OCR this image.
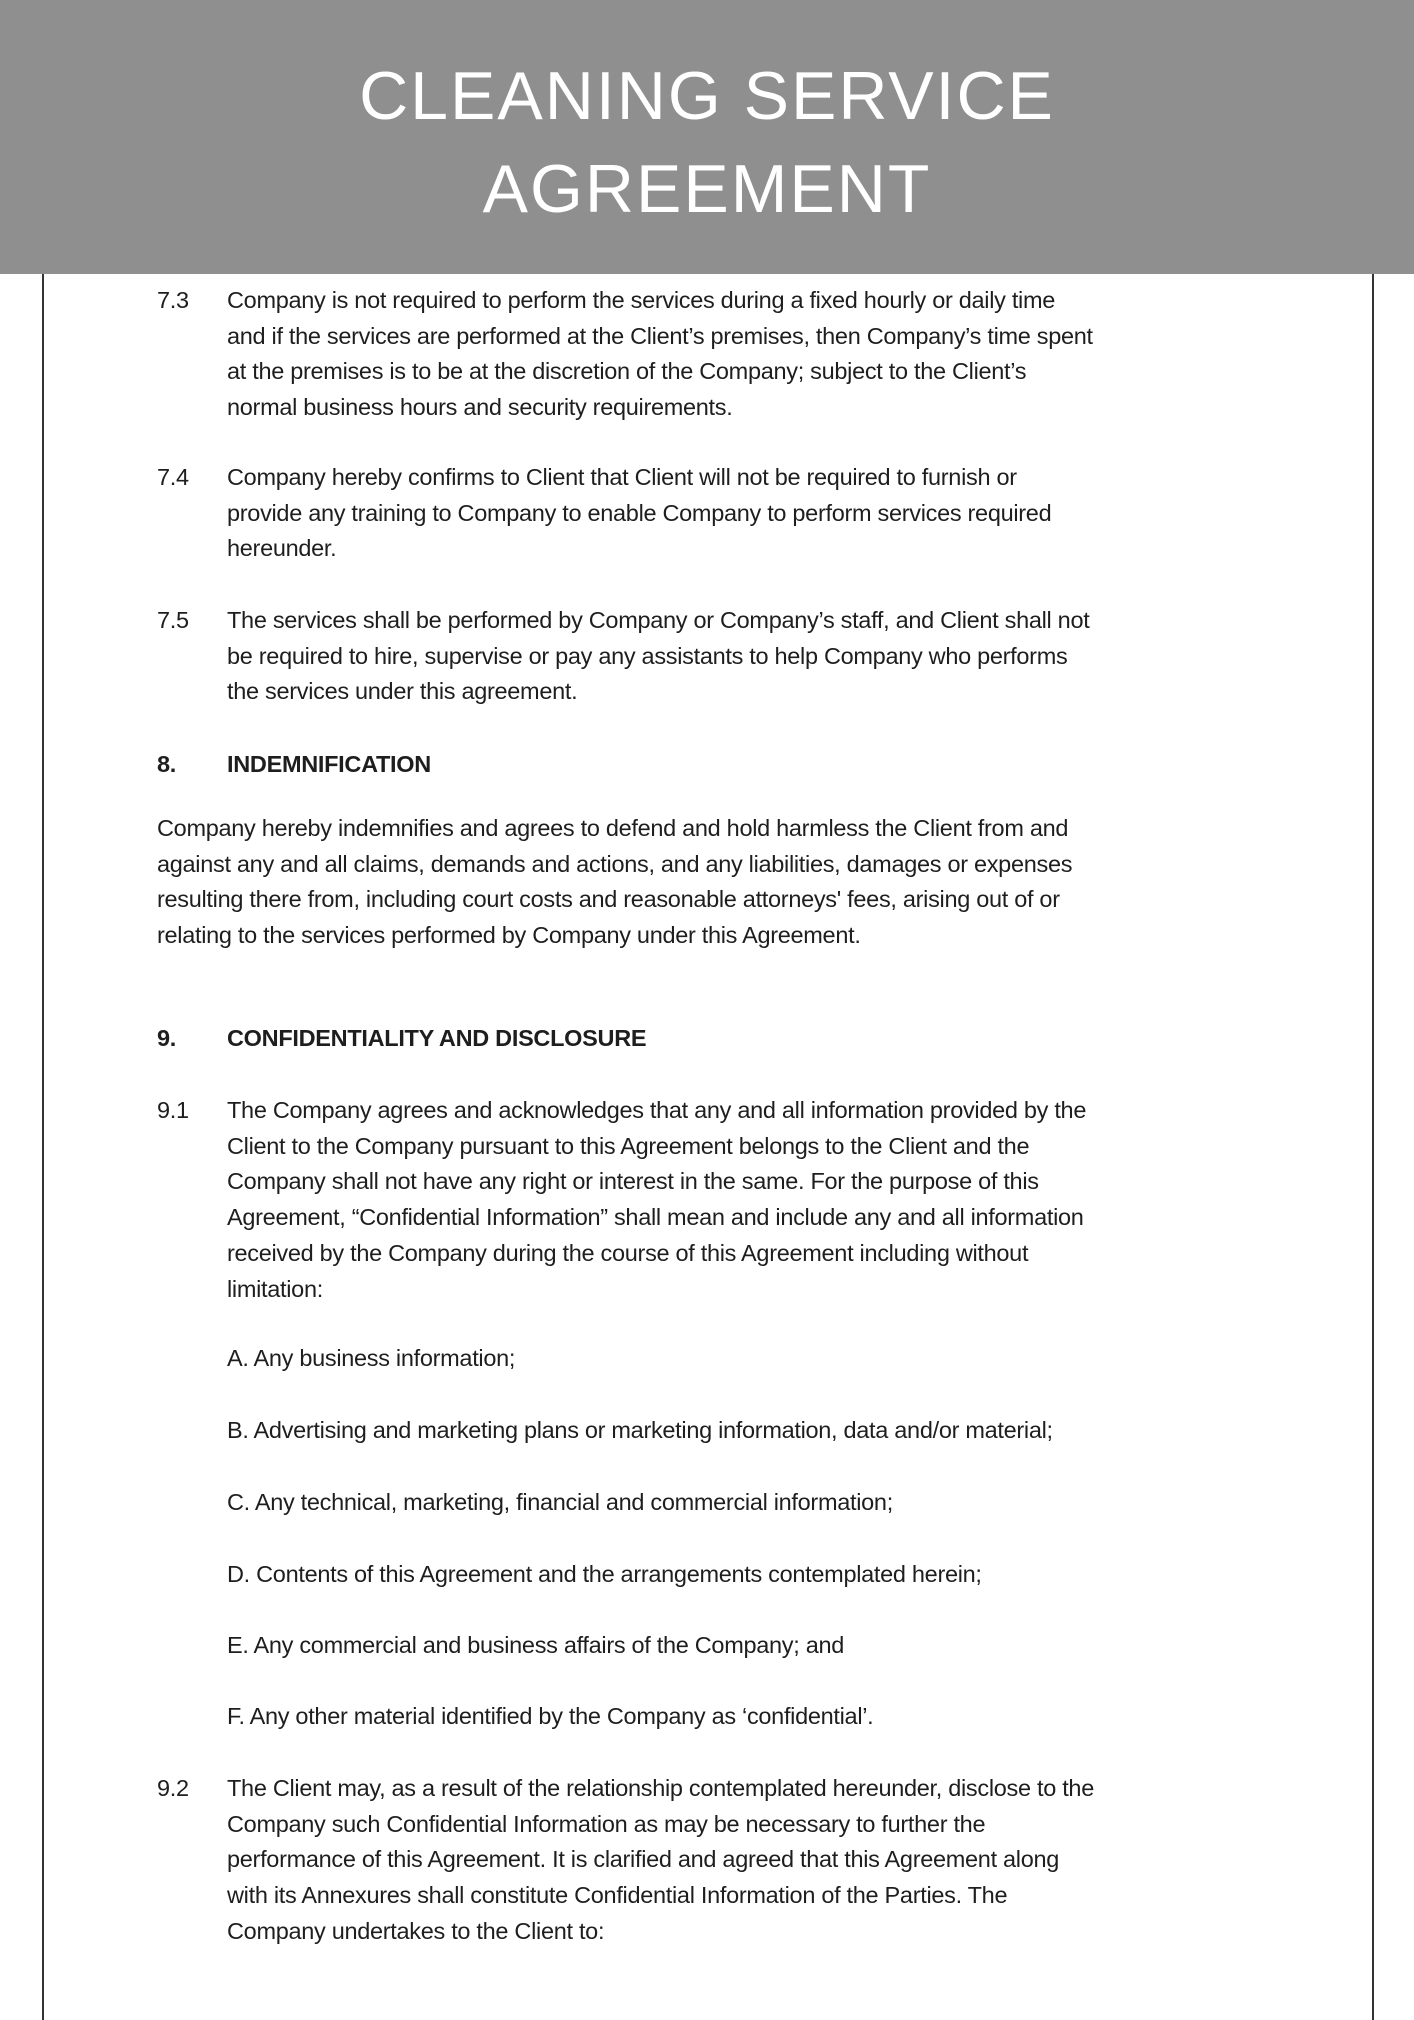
CLEANING SERVICE
AGREEMENT
7.3 Company is not required to perform the services during a fixed hourly or daily time
and if the services are performed at the Client’s premises, then Company’s time spent
at the premises is to be at the discretion of the Company; subject to the Client’s
normal business hours and security requirements.
7.4 Company hereby confirms to Client that Client will not be required to furnish or
provide any training to Company to enable Company to perform services required
hereunder.
7.5 The services shall be performed by Company or Company’s staff, and Client shall not
be required to hire, supervise or pay any assistants to help Company who performs
the services under this agreement.
8. INDEMNIFICATION
Company hereby indemnifies and agrees to defend and hold harmless the Client from and
against any and all claims, demands and actions, and any liabilities, damages or expenses
resulting there from, including court costs and reasonable attorneys' fees, arising out of or
relating to the services performed by Company under this Agreement.
9. CONFIDENTIALITY AND DISCLOSURE
9.1 The Company agrees and acknowledges that any and all information provided by the
Client to the Company pursuant to this Agreement belongs to the Client and the
Company shall not have any right or interest in the same. For the purpose of this
Agreement, “Confidential Information” shall mean and include any and all information
received by the Company during the course of this Agreement including without
limitation:
A. Any business information;
B. Advertising and marketing plans or marketing information, data and/or material;
C. Any technical, marketing, financial and commercial information;
D. Contents of this Agreement and the arrangements contemplated herein;
E. Any commercial and business affairs of the Company; and
F. Any other material identified by the Company as ‘confidential’.
9.2 The Client may, as a result of the relationship contemplated hereunder, disclose to the
Company such Confidential Information as may be necessary to further the
performance of this Agreement. It is clarified and agreed that this Agreement along
with its Annexures shall constitute Confidential Information of the Parties. The
Company undertakes to the Client to:
